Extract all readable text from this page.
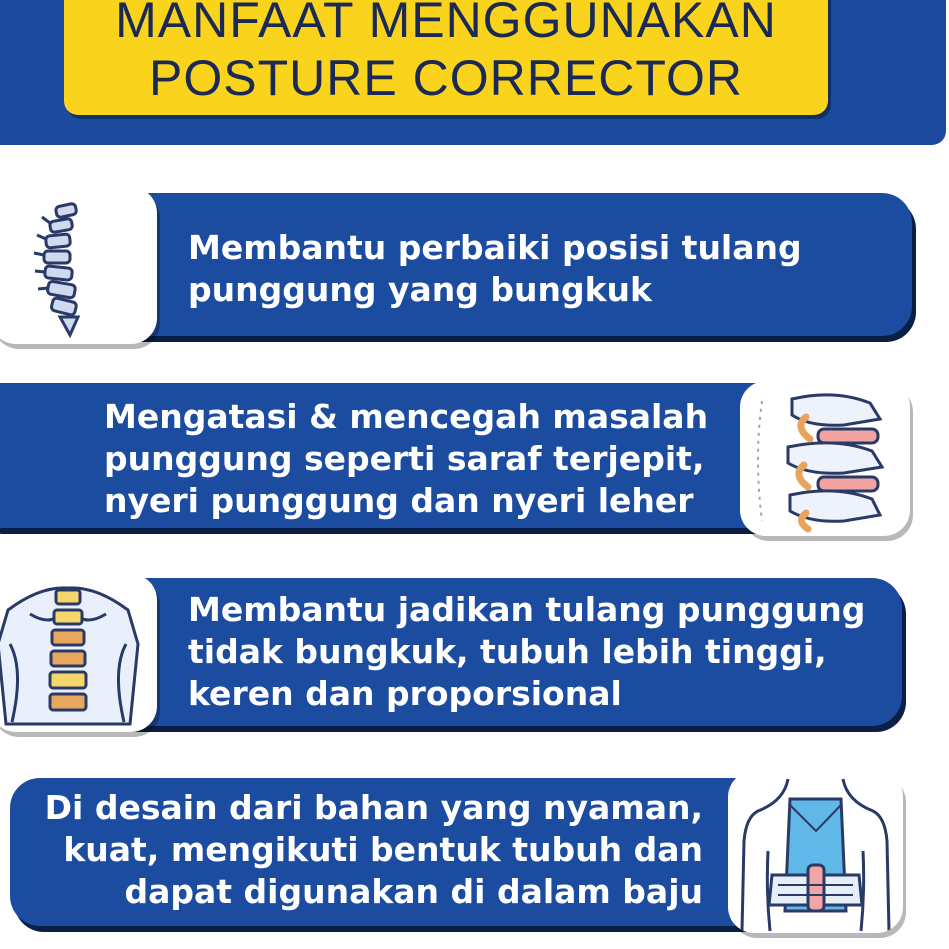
MANFAAT MENGGUNAKAN
POSTURE CORRECTOR
Membantu perbaiki posisi tulang
punggung yang bungkuk
Mengatasi & mencegah masalah
punggung seperti saraf terjepit,
nyeri punggung dan nyeri leher
Membantu jadikan tulang punggung
tidak bungkuk, tubuh lebih tinggi,
keren dan proporsional
Di desain dari bahan yang nyaman,
kuat, mengikuti bentuk tubuh dan
dapat digunakan di dalam baju
